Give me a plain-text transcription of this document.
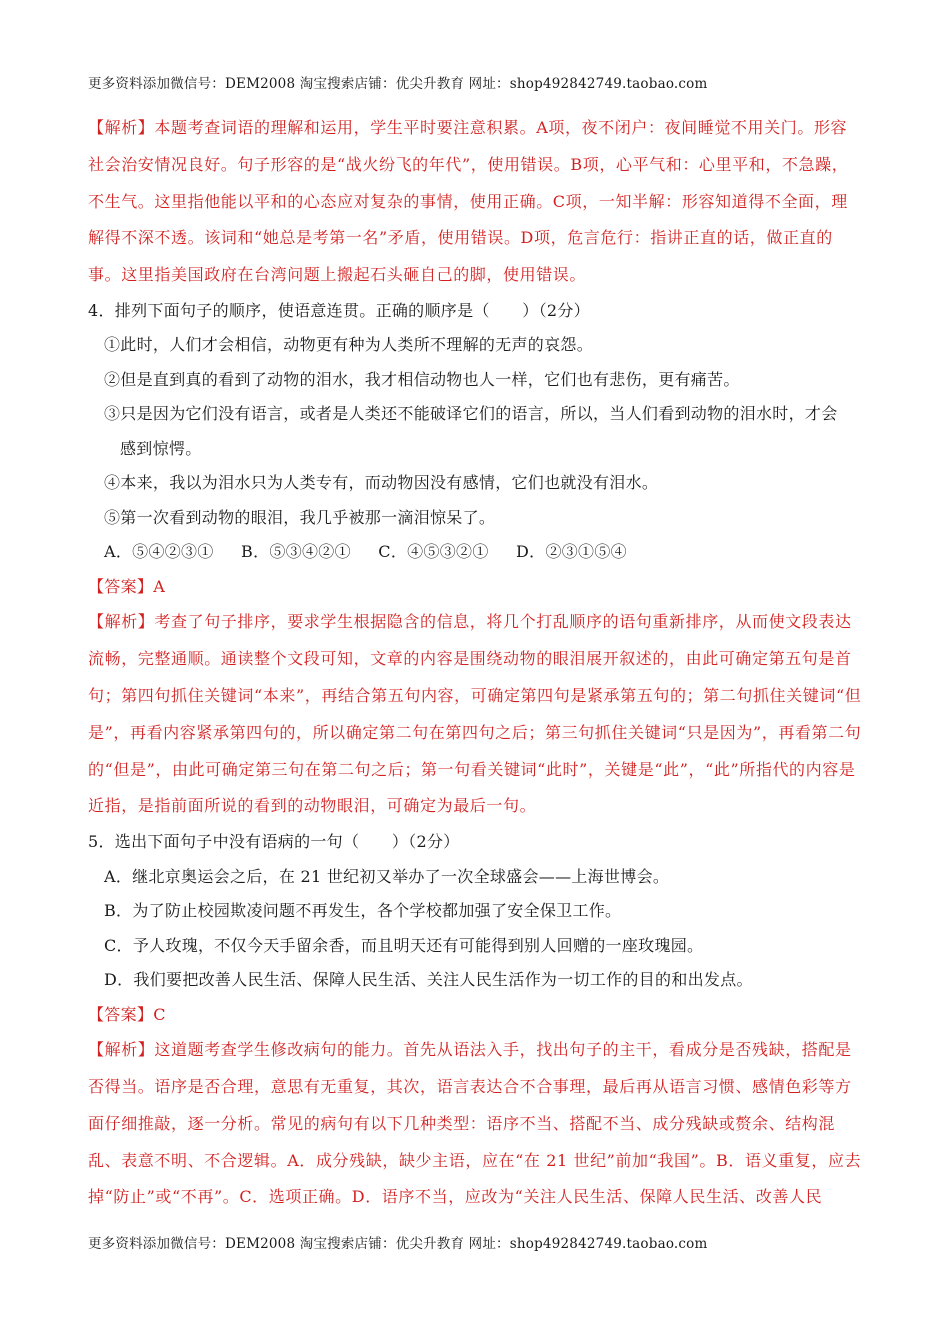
更多资料添加微信号：DEM2008 淘宝搜索店铺：优尖升教育 网址：shop492842749.taobao.com

【解析】本题考查词语的理解和运用，学生平时要注意积累。A项，夜不闭户：夜间睡觉不用关门。形容社会治安情况良好。句子形容的是“战火纷飞的年代”，使用错误。B项，心平气和：心里平和，不急躁，不生气。这里指他能以平和的心态应对复杂的事情，使用正确。C项，一知半解：形容知道得不全面，理解得不深不透。该词和“她总是考第一名”矛盾，使用错误。D项，危言危行：指讲正直的话，做正直的事。这里指美国政府在台湾问题上搬起石头砸自己的脚，使用错误。

4．排列下面句子的顺序，使语意连贯。正确的顺序是（　　）（2分）

①此时，人们才会相信，动物更有种为人类所不理解的无声的哀怨。

②但是直到真的看到了动物的泪水，我才相信动物也人一样，它们也有悲伤，更有痛苦。

③只是因为它们没有语言，或者是人类还不能破译它们的语言，所以，当人们看到动物的泪水时，才会

感到惊愕。

④本来，我以为泪水只为人类专有，而动物因没有感情，它们也就没有泪水。

⑤第一次看到动物的眼泪，我几乎被那一滴泪惊呆了。

A．⑤④②③① B．⑤③④②① C．④⑤③②① D．②③①⑤④

【答案】A

【解析】考查了句子排序，要求学生根据隐含的信息，将几个打乱顺序的语句重新排序，从而使文段表达流畅，完整通顺。通读整个文段可知，文章的内容是围绕动物的眼泪展开叙述的，由此可确定第五句是首句；第四句抓住关键词“本来”，再结合第五句内容，可确定第四句是紧承第五句的；第二句抓住关键词“但是”，再看内容紧承第四句的，所以确定第二句在第四句之后；第三句抓住关键词“只是因为”，再看第二句的“但是”，由此可确定第三句在第二句之后；第一句看关键词“此时”，关键是“此”，“此”所指代的内容是近指，是指前面所说的看到的动物眼泪，可确定为最后一句。

5．选出下面句子中没有语病的一句（　　）（2分）

A．继北京奥运会之后，在 21 世纪初又举办了一次全球盛会——上海世博会。

B．为了防止校园欺凌问题不再发生，各个学校都加强了安全保卫工作。

C．予人玫瑰，不仅今天手留余香，而且明天还有可能得到别人回赠的一座玫瑰园。

D．我们要把改善人民生活、保障人民生活、关注人民生活作为一切工作的目的和出发点。

【答案】C

【解析】这道题考查学生修改病句的能力。首先从语法入手，找出句子的主干，看成分是否残缺，搭配是否得当。语序是否合理，意思有无重复，其次，语言表达合不合事理，最后再从语言习惯、感情色彩等方面仔细推敲，逐一分析。常见的病句有以下几种类型：语序不当、搭配不当、成分残缺或赘余、结构混乱、表意不明、不合逻辑。A．成分残缺，缺少主语，应在“在 21 世纪”前加“我国”。B．语义重复，应去掉“防止”或“不再”。C．选项正确。D．语序不当，应改为“关注人民生活、保障人民生活、改善人民

更多资料添加微信号：DEM2008 淘宝搜索店铺：优尖升教育 网址：shop492842749.taobao.com
